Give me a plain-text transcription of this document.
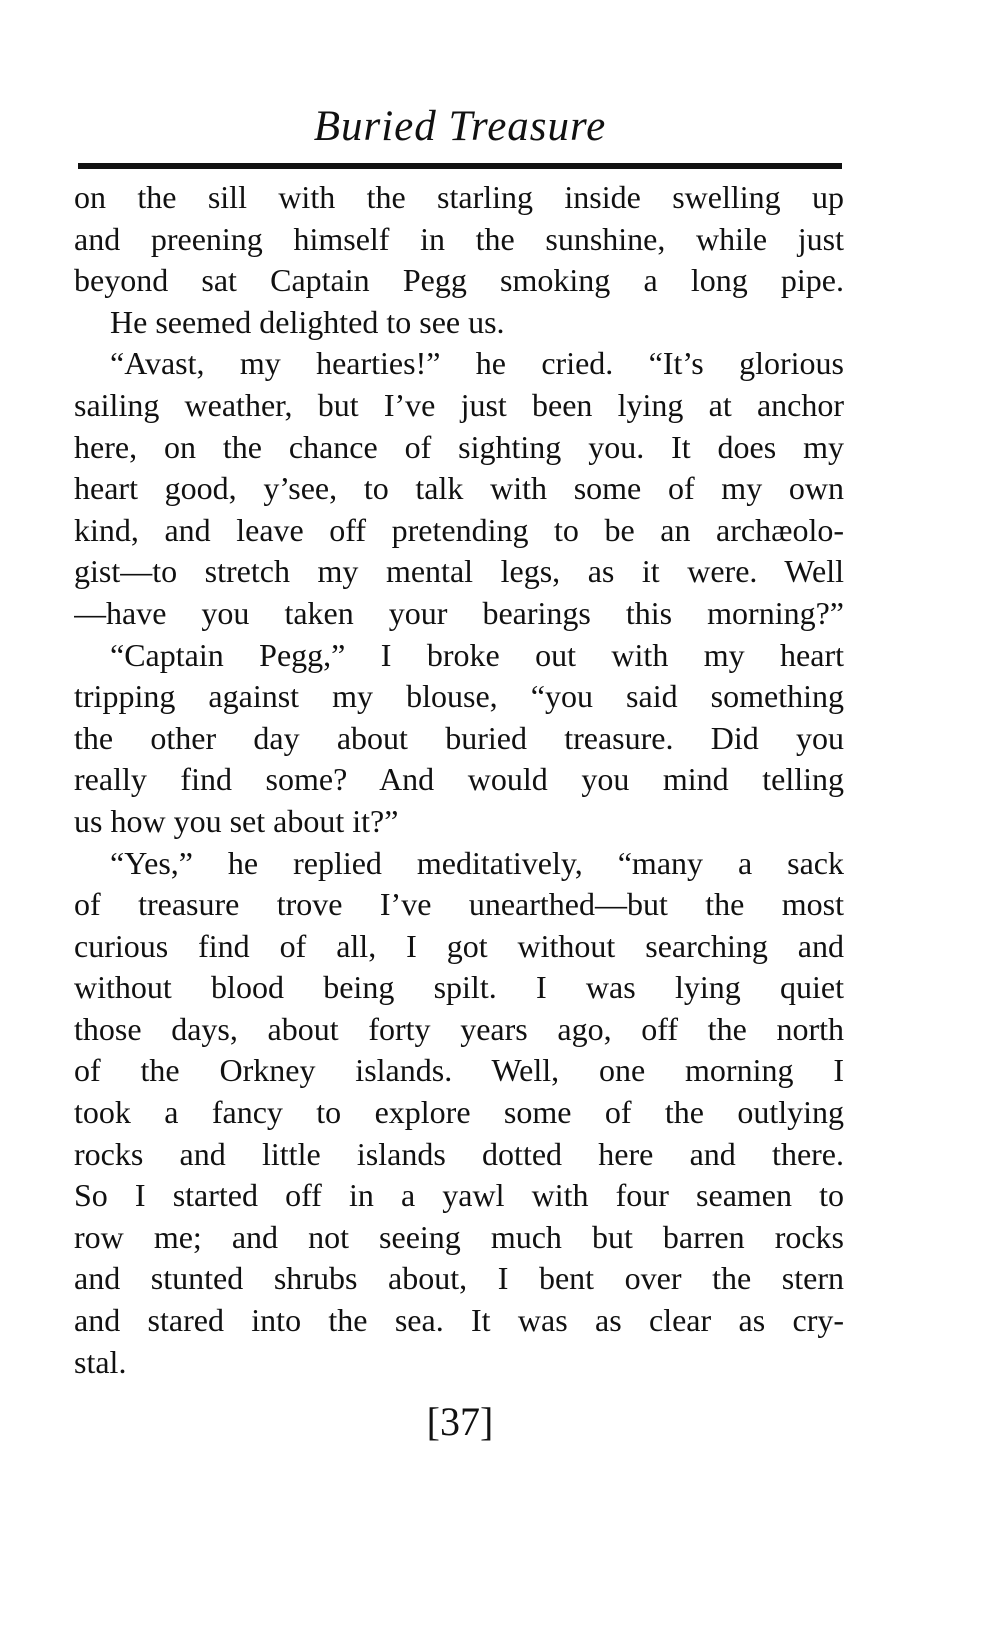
Buried Treasure
on the sill with the starling inside swelling up
and preening himself in the sunshine, while just
beyond sat Captain Pegg smoking a long pipe.
He seemed delighted to see us.
“Avast, my hearties!” he cried. “It’s glorious
sailing weather, but I’ve just been lying at anchor
here, on the chance of sighting you. It does my
heart good, y’see, to talk with some of my own
kind, and leave off pretending to be an archæolo-
gist—to stretch my mental legs, as it were. Well
—have you taken your bearings this morning?”
“Captain Pegg,” I broke out with my heart
tripping against my blouse, “you said something
the other day about buried treasure. Did you
really find some? And would you mind telling
us how you set about it?”
“Yes,” he replied meditatively, “many a sack
of treasure trove I’ve unearthed—but the most
curious find of all, I got without searching and
without blood being spilt. I was lying quiet
those days, about forty years ago, off the north
of the Orkney islands. Well, one morning I
took a fancy to explore some of the outlying
rocks and little islands dotted here and there.
So I started off in a yawl with four seamen to
row me; and not seeing much but barren rocks
and stunted shrubs about, I bent over the stern
and stared into the sea. It was as clear as cry-
stal.
[37]
